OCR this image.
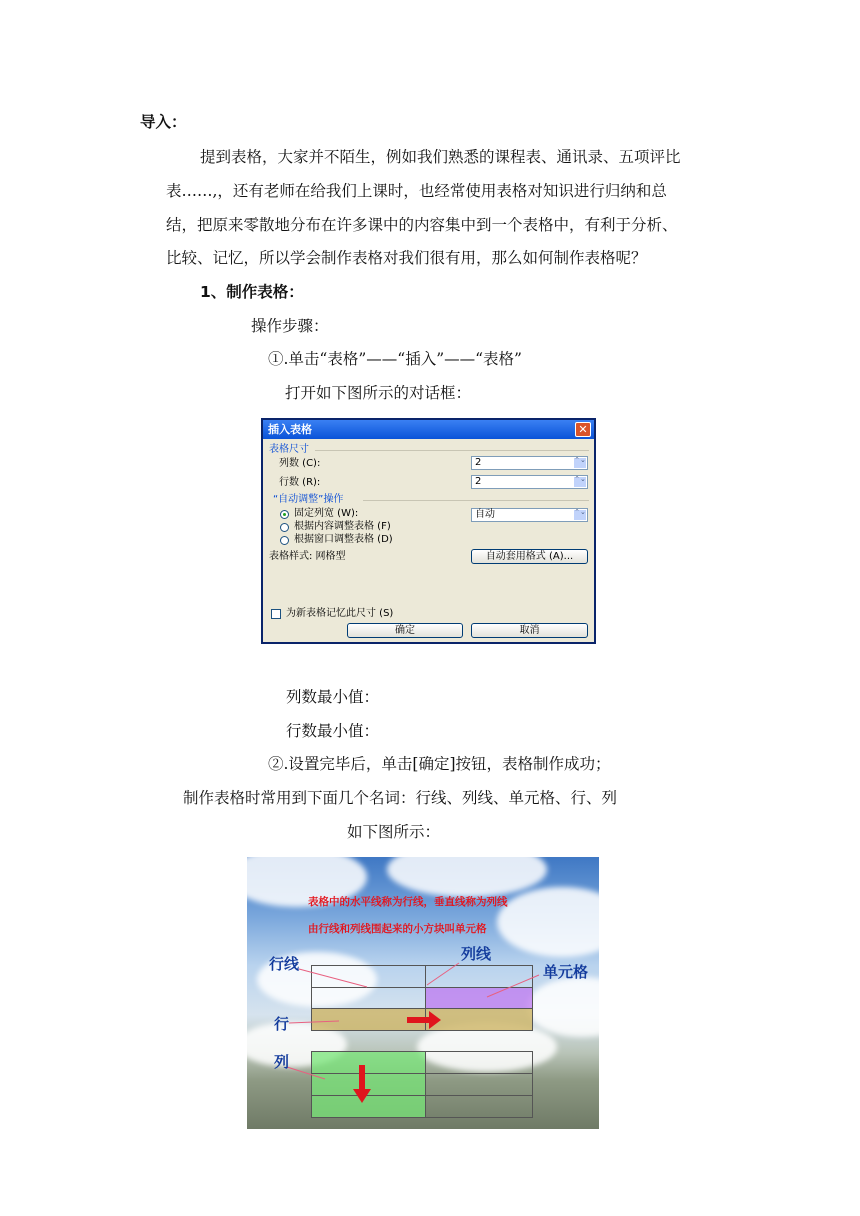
导入：
提到表格，大家并不陌生，例如我们熟悉的课程表、通讯录、五项评比
表……,，还有老师在给我们上课时，也经常使用表格对知识进行归纳和总
结，把原来零散地分布在许多课中的内容集中到一个表格中，有利于分析、
比较、记忆，所以学会制作表格对我们很有用，那么如何制作表格呢？
1、制作表格：
操作步骤：
①.单击“表格”——“插入”——“表格”
打开如下图所示的对话框：
插入表格	✕
表格尺寸
列数 (C):	2	⌃⌄
行数 (R):	2	⌃⌄
“自动调整”操作
固定列宽 (W):	自动	⌃⌄
根据内容调整表格 (F)
根据窗口调整表格 (D)
表格样式: 网格型	自动套用格式 (A)...
为新表格记忆此尺寸 (S)
确定	取消
列数最小值：
行数最小值：
②.设置完毕后，单击[确定]按钮，表格制作成功；
制作表格时常用到下面几个名词：行线、列线、单元格、行、列
如下图所示：
表格中的水平线称为行线，垂直线称为列线
由行线和列线围起来的小方块叫单元格
行线
列线
单元格
行
列
